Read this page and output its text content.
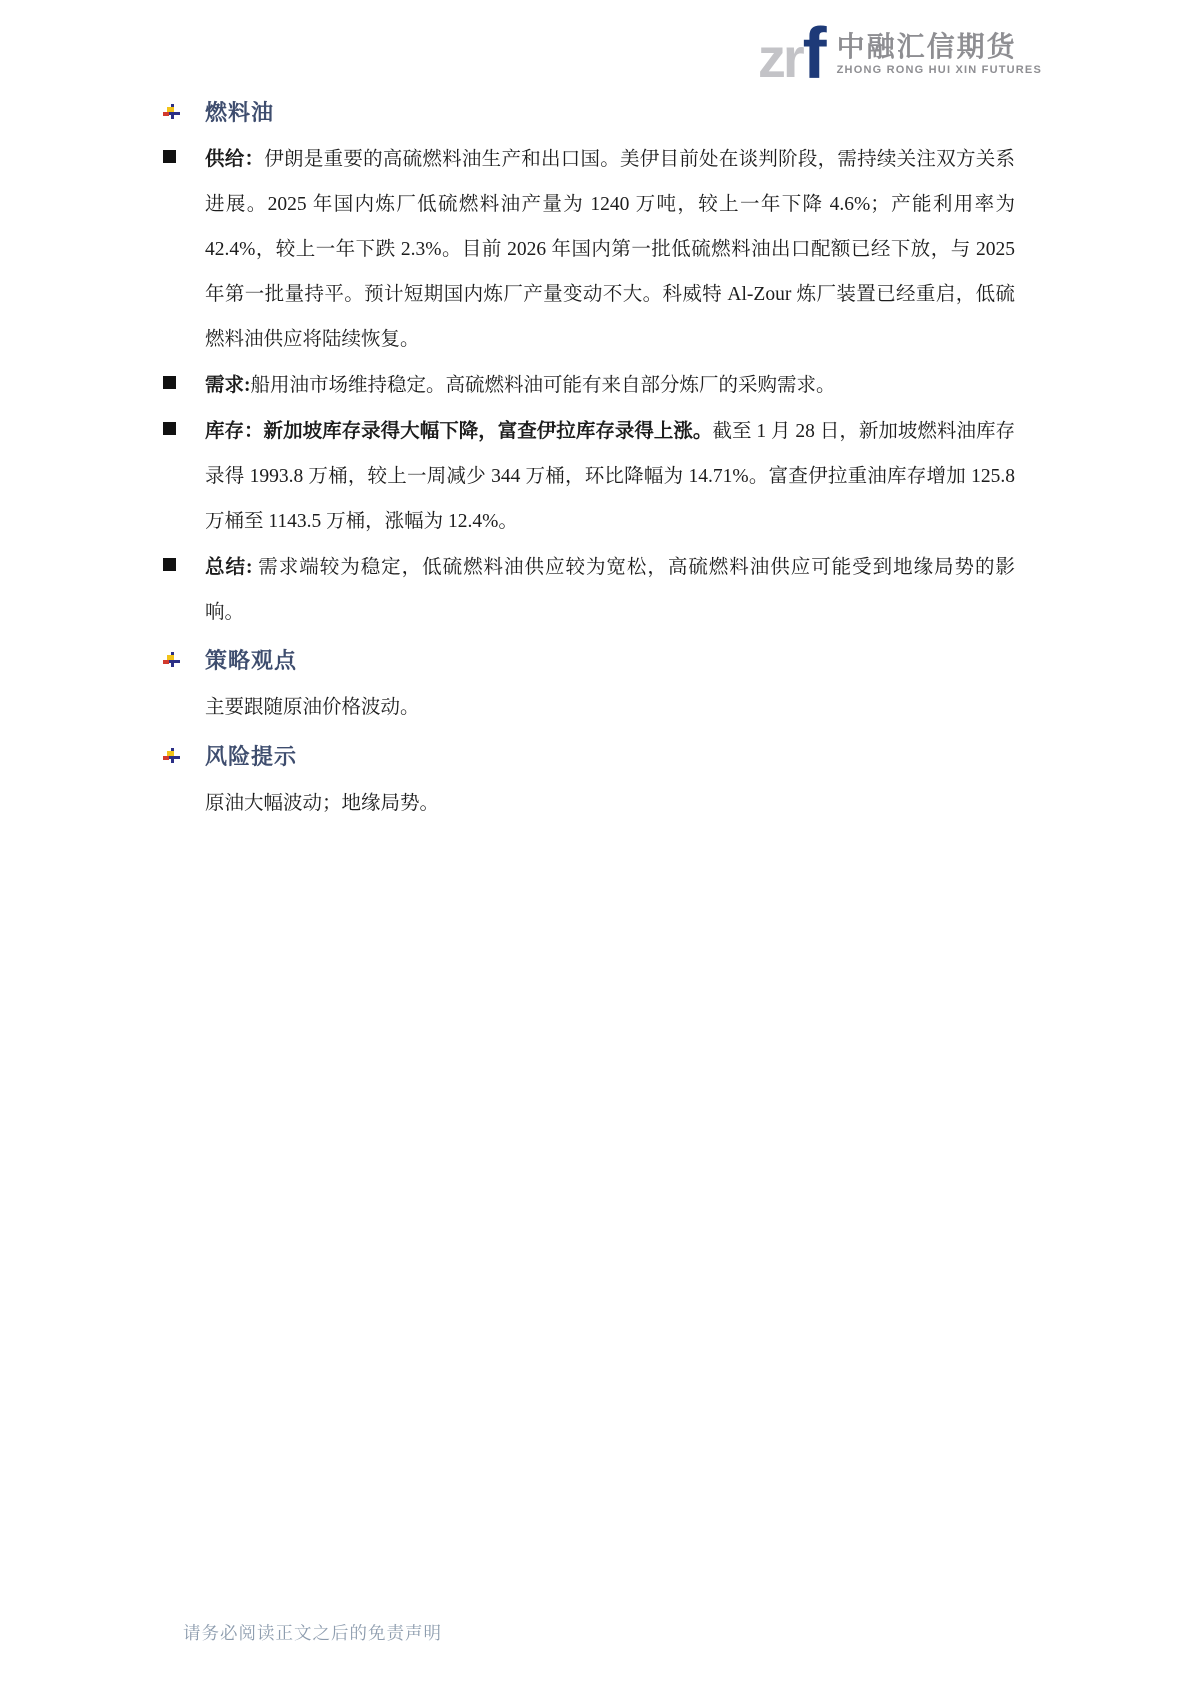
zr f 中融汇信期货
ZHONG RONG HUI XIN FUTURES
燃料油
供给：伊朗是重要的高硫燃料油生产和出口国。美伊目前处在谈判阶段，需持续关注双方关系进展。2025 年国内炼厂低硫燃料油产量为 1240 万吨，较上一年下降 4.6%；产能利用率为 42.4%，较上一年下跌 2.3%。目前 2026 年国内第一批低硫燃料油出口配额已经下放，与 2025 年第一批量持平。预计短期国内炼厂产量变动不大。科威特 Al-Zour 炼厂装置已经重启，低硫燃料油供应将陆续恢复。
需求:船用油市场维持稳定。高硫燃料油可能有来自部分炼厂的采购需求。
库存：新加坡库存录得大幅下降，富查伊拉库存录得上涨。截至 1 月 28 日，新加坡燃料油库存录得 1993.8 万桶，较上一周减少 344 万桶，环比降幅为 14.71%。富查伊拉重油库存增加 125.8 万桶至 1143.5 万桶，涨幅为 12.4%。
总结: 需求端较为稳定，低硫燃料油供应较为宽松，高硫燃料油供应可能受到地缘局势的影响。
策略观点
主要跟随原油价格波动。
风险提示
原油大幅波动；地缘局势。
请务必阅读正文之后的免责声明
